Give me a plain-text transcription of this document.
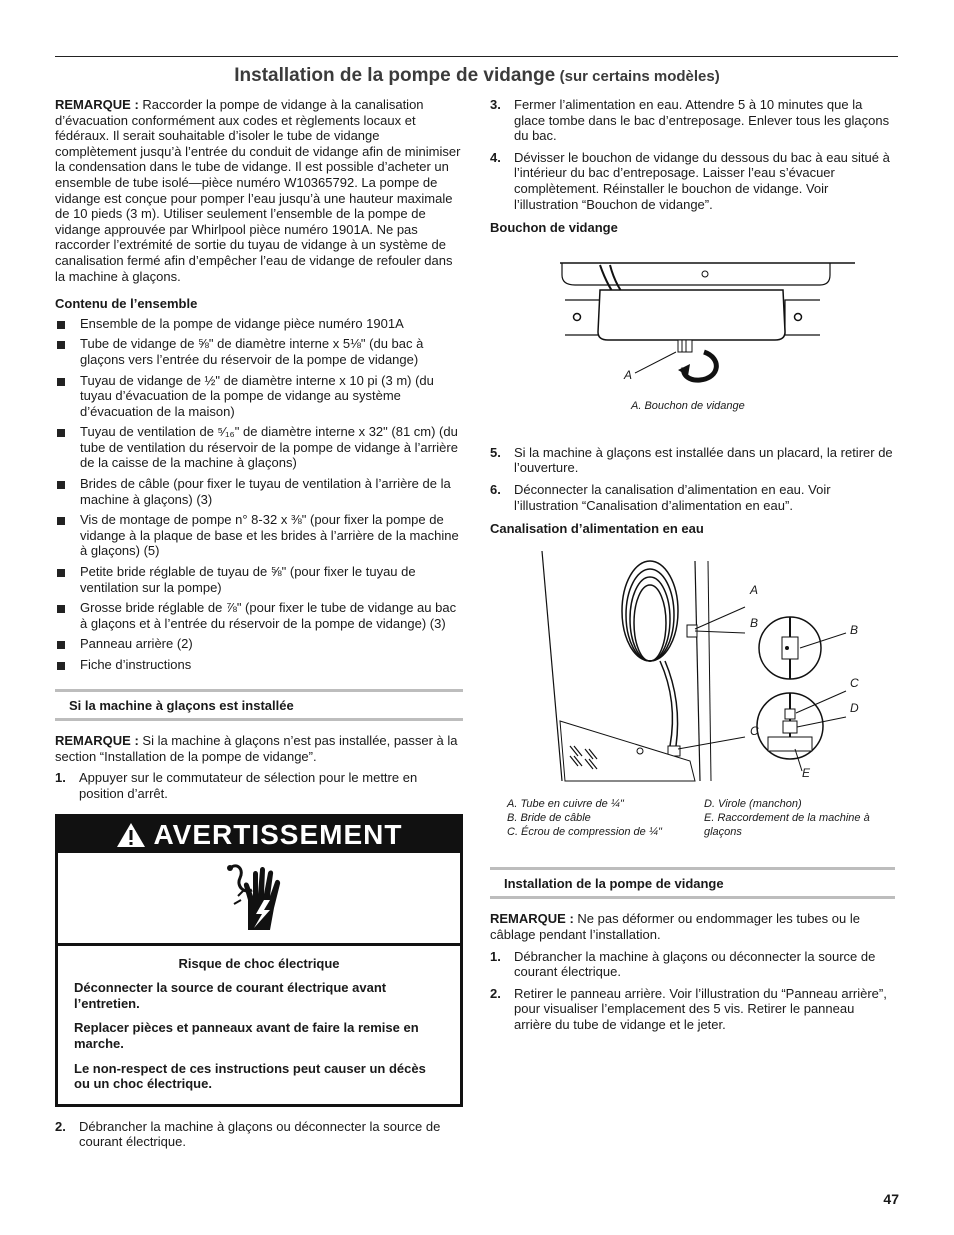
Installation de la pompe de vidange (sur certains modèles)

REMARQUE : Raccorder la pompe de vidange à la canalisation d’évacuation conformément aux codes et règlements locaux et fédéraux. Il serait souhaitable d’isoler le tube de vidange complètement jusqu’à l’entrée du conduit de vidange afin de minimiser la condensation dans le tube de vidange. Il est possible d’acheter un ensemble de tube isolé—pièce numéro W10365792. La pompe de vidange est conçue pour pomper l’eau jusqu’à une hauteur maximale de 10 pieds (3 m). Utiliser seulement l’ensemble de la pompe de vidange approuvée par Whirlpool pièce numéro 1901A. Ne pas raccorder l’extrémité de sortie du tuyau de vidange à un système de canalisation fermé afin d’empêcher l’eau de vidange de refouler dans la machine à glaçons.

Contenu de l’ensemble
Ensemble de la pompe de vidange pièce numéro 1901A
Tube de vidange de ⅝" de diamètre interne x 5⅛" (du bac à glaçons vers l’entrée du réservoir de la pompe de vidange)
Tuyau de vidange de ½" de diamètre interne x 10 pi (3 m) (du tuyau d’évacuation de la pompe de vidange au système d’évacuation de la maison)
Tuyau de ventilation de ⁵⁄₁₆" de diamètre interne x 32" (81 cm) (du tube de ventilation du réservoir de la pompe de vidange à l’arrière de la caisse de la machine à glaçons)
Brides de câble (pour fixer le tuyau de ventilation à l’arrière de la machine à glaçons) (3)
Vis de montage de pompe n° 8-32 x ⅜" (pour fixer la pompe de vidange à la plaque de base et les brides à l’arrière de la machine à glaçons) (5)
Petite bride réglable de tuyau de ⅝" (pour fixer le tuyau de ventilation sur la pompe)
Grosse bride réglable de ⅞" (pour fixer le tube de vidange au bac à glaçons et à l’entrée du réservoir de la pompe de vidange) (3)
Panneau arrière (2)
Fiche d’instructions
Si la machine à glaçons est installée

REMARQUE : Si la machine à glaçons n’est pas installée, passer à la section “Installation de la pompe de vidange”.

1. Appuyer sur le commutateur de sélection pour le mettre en position d’arrêt.
AVERTISSEMENT

Risque de choc électrique

Déconnecter la source de courant électrique avant l’entretien.

Replacer pièces et panneaux avant de faire la remise en marche.

Le non-respect de ces instructions peut causer un décès ou un choc électrique.

2. Débrancher la machine à glaçons ou déconnecter la source de courant électrique.
3. Fermer l’alimentation en eau. Attendre 5 à 10 minutes que la glace tombe dans le bac d’entreposage. Enlever tous les glaçons du bac.
4. Dévisser le bouchon de vidange du dessous du bac à eau situé à l’intérieur du bac d’entreposage. Laisser l’eau s’évacuer complètement. Réinstaller le bouchon de vidange. Voir l’illustration “Bouchon de vidange”.
Bouchon de vidange
A
A. Bouchon de vidange
5. Si la machine à glaçons est installée dans un placard, la retirer de l’ouverture.
6. Déconnecter la canalisation d’alimentation en eau. Voir l’illustration “Canalisation d’alimentation en eau”.
Canalisation d’alimentation en eau
A
B	B
C
D
C
E
A. Tube en cuivre de ¼"
B. Bride de câble
C. Écrou de compression de ¼"
D. Virole (manchon)
E. Raccordement de la machine à glaçons
Installation de la pompe de vidange

REMARQUE : Ne pas déformer ou endommager les tubes ou le câblage pendant l’installation.

1. Débrancher la machine à glaçons ou déconnecter la source de courant électrique.
2. Retirer le panneau arrière. Voir l’illustration du “Panneau arrière”, pour visualiser l’emplacement des 5 vis. Retirer le panneau arrière du tube de vidange et le jeter.
47
